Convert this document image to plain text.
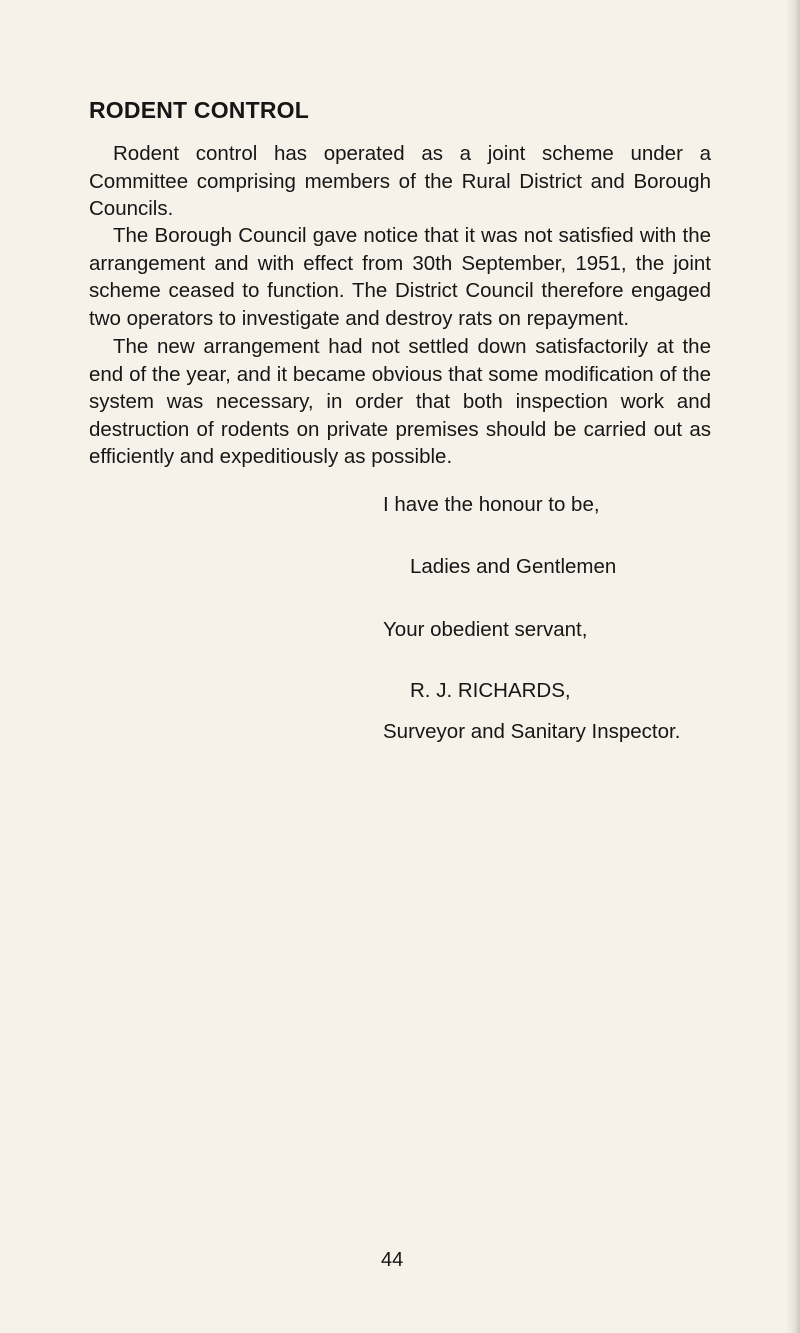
RODENT CONTROL

Rodent control has operated as a joint scheme under a Committee comprising members of the Rural District and Borough Councils.

The Borough Council gave notice that it was not satisfied with the arrangement and with effect from 30th September, 1951, the joint scheme ceased to function. The District Council therefore engaged two operators to investigate and destroy rats on repayment.

The new arrangement had not settled down satisfactorily at the end of the year, and it became obvious that some modification of the system was necessary, in order that both inspection work and destruction of rodents on private premises should be carried out as efficiently and expeditiously as possible.

I have the honour to be,

Ladies and Gentlemen

Your obedient servant,

R. J. RICHARDS,

Surveyor and Sanitary Inspector.

44
